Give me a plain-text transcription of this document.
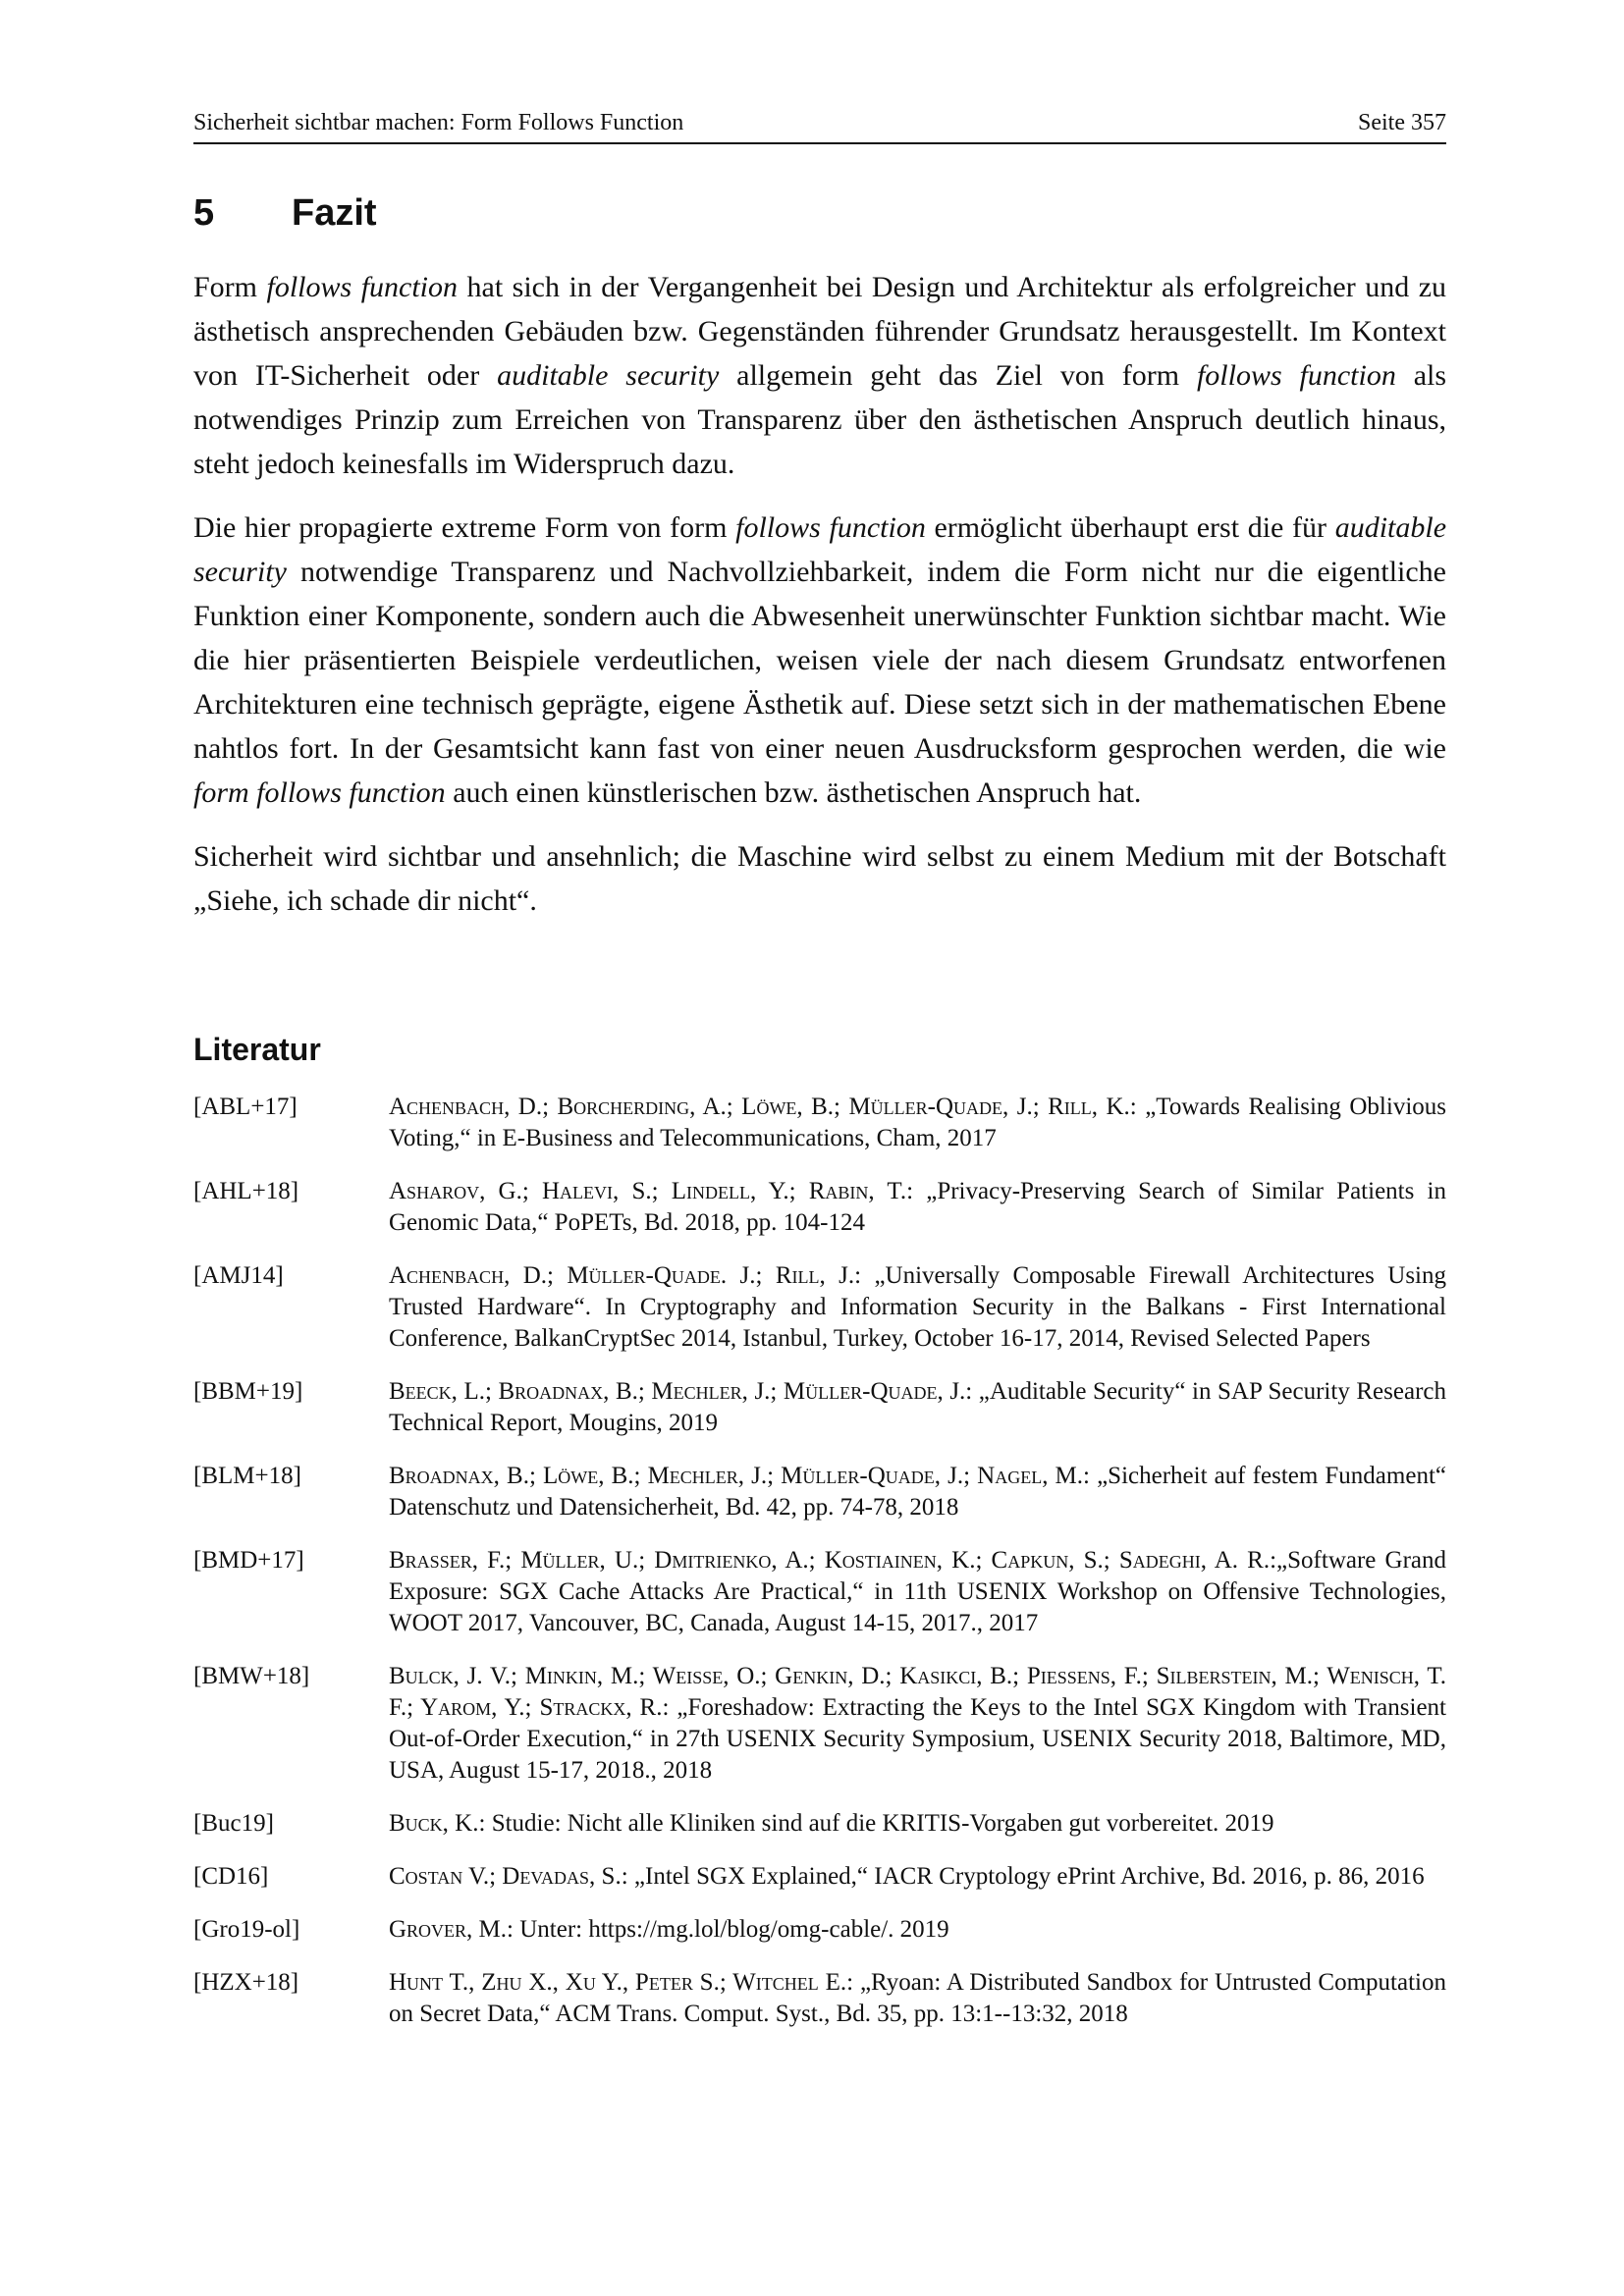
Sicherheit sichtbar machen: Form Follows Function	Seite 357
5	Fazit

Form follows function hat sich in der Vergangenheit bei Design und Architektur als erfolgreicher und zu ästhetisch ansprechenden Gebäuden bzw. Gegenständen führender Grundsatz herausgestellt. Im Kontext von IT-Sicherheit oder auditable security allgemein geht das Ziel von form follows function als notwendiges Prinzip zum Erreichen von Transparenz über den ästhetischen Anspruch deutlich hinaus, steht jedoch keinesfalls im Widerspruch dazu.

Die hier propagierte extreme Form von form follows function ermöglicht überhaupt erst die für auditable security notwendige Transparenz und Nachvollziehbarkeit, indem die Form nicht nur die eigentliche Funktion einer Komponente, sondern auch die Abwesenheit unerwünschter Funktion sichtbar macht. Wie die hier präsentierten Beispiele verdeutlichen, weisen viele der nach diesem Grundsatz entworfenen Architekturen eine technisch geprägte, eigene Ästhetik auf. Diese setzt sich in der mathematischen Ebene nahtlos fort. In der Gesamtsicht kann fast von einer neuen Ausdrucksform gesprochen werden, die wie form follows function auch einen künstlerischen bzw. ästhetischen Anspruch hat.

Sicherheit wird sichtbar und ansehnlich; die Maschine wird selbst zu einem Medium mit der Botschaft „Siehe, ich schade dir nicht“.

Literatur
[ABL+17]	Achenbach, D.; Borcherding, A.; Löwe, B.; Müller-Quade, J.; Rill, K.: „Towards Realising Oblivious Voting,“ in E-Business and Telecommunications, Cham, 2017
[AHL+18]	Asharov, G.; Halevi, S.; Lindell, Y.; Rabin, T.: „Privacy-Preserving Search of Similar Patients in Genomic Data,“ PoPETs, Bd. 2018, pp. 104-124
[AMJ14]	Achenbach, D.; Müller-Quade. J.; Rill, J.: „Universally Composable Firewall Architectures Using Trusted Hardware“. In Cryptography and Information Security in the Balkans - First International Conference, BalkanCryptSec 2014, Istanbul, Turkey, October 16-17, 2014, Revised Selected Papers
[BBM+19]	Beeck, L.; Broadnax, B.; Mechler, J.; Müller-Quade, J.: „Auditable Security“ in SAP Security Research Technical Report, Mougins, 2019
[BLM+18]	Broadnax, B.; Löwe, B.; Mechler, J.; Müller-Quade, J.; Nagel, M.: „Sicherheit auf festem Fundament“ Datenschutz und Datensicherheit, Bd. 42, pp. 74-78, 2018
[BMD+17]	Brasser, F.; Müller, U.; Dmitrienko, A.; Kostiainen, K.; Capkun, S.; Sadeghi, A. R.:„Software Grand Exposure: SGX Cache Attacks Are Practical,“ in 11th USENIX Workshop on Offensive Technologies, WOOT 2017, Vancouver, BC, Canada, August 14-15, 2017., 2017
[BMW+18]	Bulck, J. V.; Minkin, M.; Weisse, O.; Genkin, D.; Kasikci, B.; Piessens, F.; Silberstein, M.; Wenisch, T. F.; Yarom, Y.; Strackx, R.: „Foreshadow: Extracting the Keys to the Intel SGX Kingdom with Transient Out-of-Order Execution,“ in 27th USENIX Security Symposium, USENIX Security 2018, Baltimore, MD, USA, August 15-17, 2018., 2018
[Buc19]	Buck, K.: Studie: Nicht alle Kliniken sind auf die KRITIS-Vorgaben gut vorbereitet. 2019
[CD16]	Costan V.; Devadas, S.: „Intel SGX Explained,“ IACR Cryptology ePrint Archive, Bd. 2016, p. 86, 2016
[Gro19-ol]	Grover, M.: Unter: https://mg.lol/blog/omg-cable/. 2019
[HZX+18]	Hunt T., Zhu X., Xu Y., Peter S.; Witchel E.: „Ryoan: A Distributed Sandbox for Untrusted Computation on Secret Data,“ ACM Trans. Comput. Syst., Bd. 35, pp. 13:1--13:32, 2018
